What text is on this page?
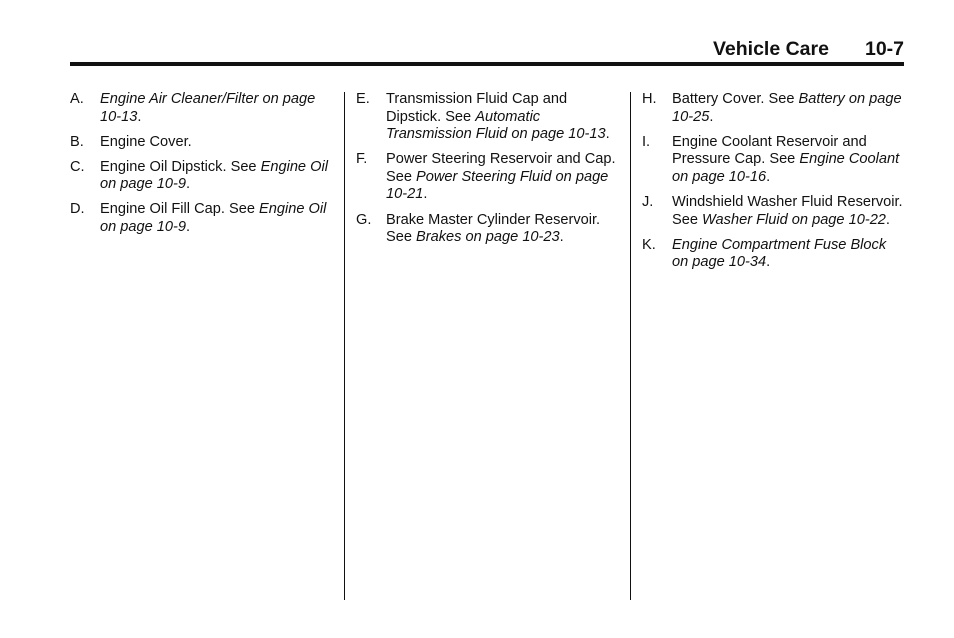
Vehicle Care 10-7
A.	Engine Air Cleaner/Filter on page 10-13.
B.	Engine Cover.
C.	Engine Oil Dipstick. See Engine Oil on page 10-9.
D.	Engine Oil Fill Cap. See Engine Oil on page 10-9.
E.	Transmission Fluid Cap and Dipstick. See Automatic Transmission Fluid on page 10-13.
F.	Power Steering Reservoir and Cap. See Power Steering Fluid on page 10-21.
G. Brake Master Cylinder Reservoir. See Brakes on page 10-23.
H.	Battery Cover. See Battery on page 10-25.
I.	Engine Coolant Reservoir and Pressure Cap. See Engine Coolant on page 10-16.
J.	Windshield Washer Fluid Reservoir. See Washer Fluid on page 10-22.
K.	Engine Compartment Fuse Block on page 10-34.
